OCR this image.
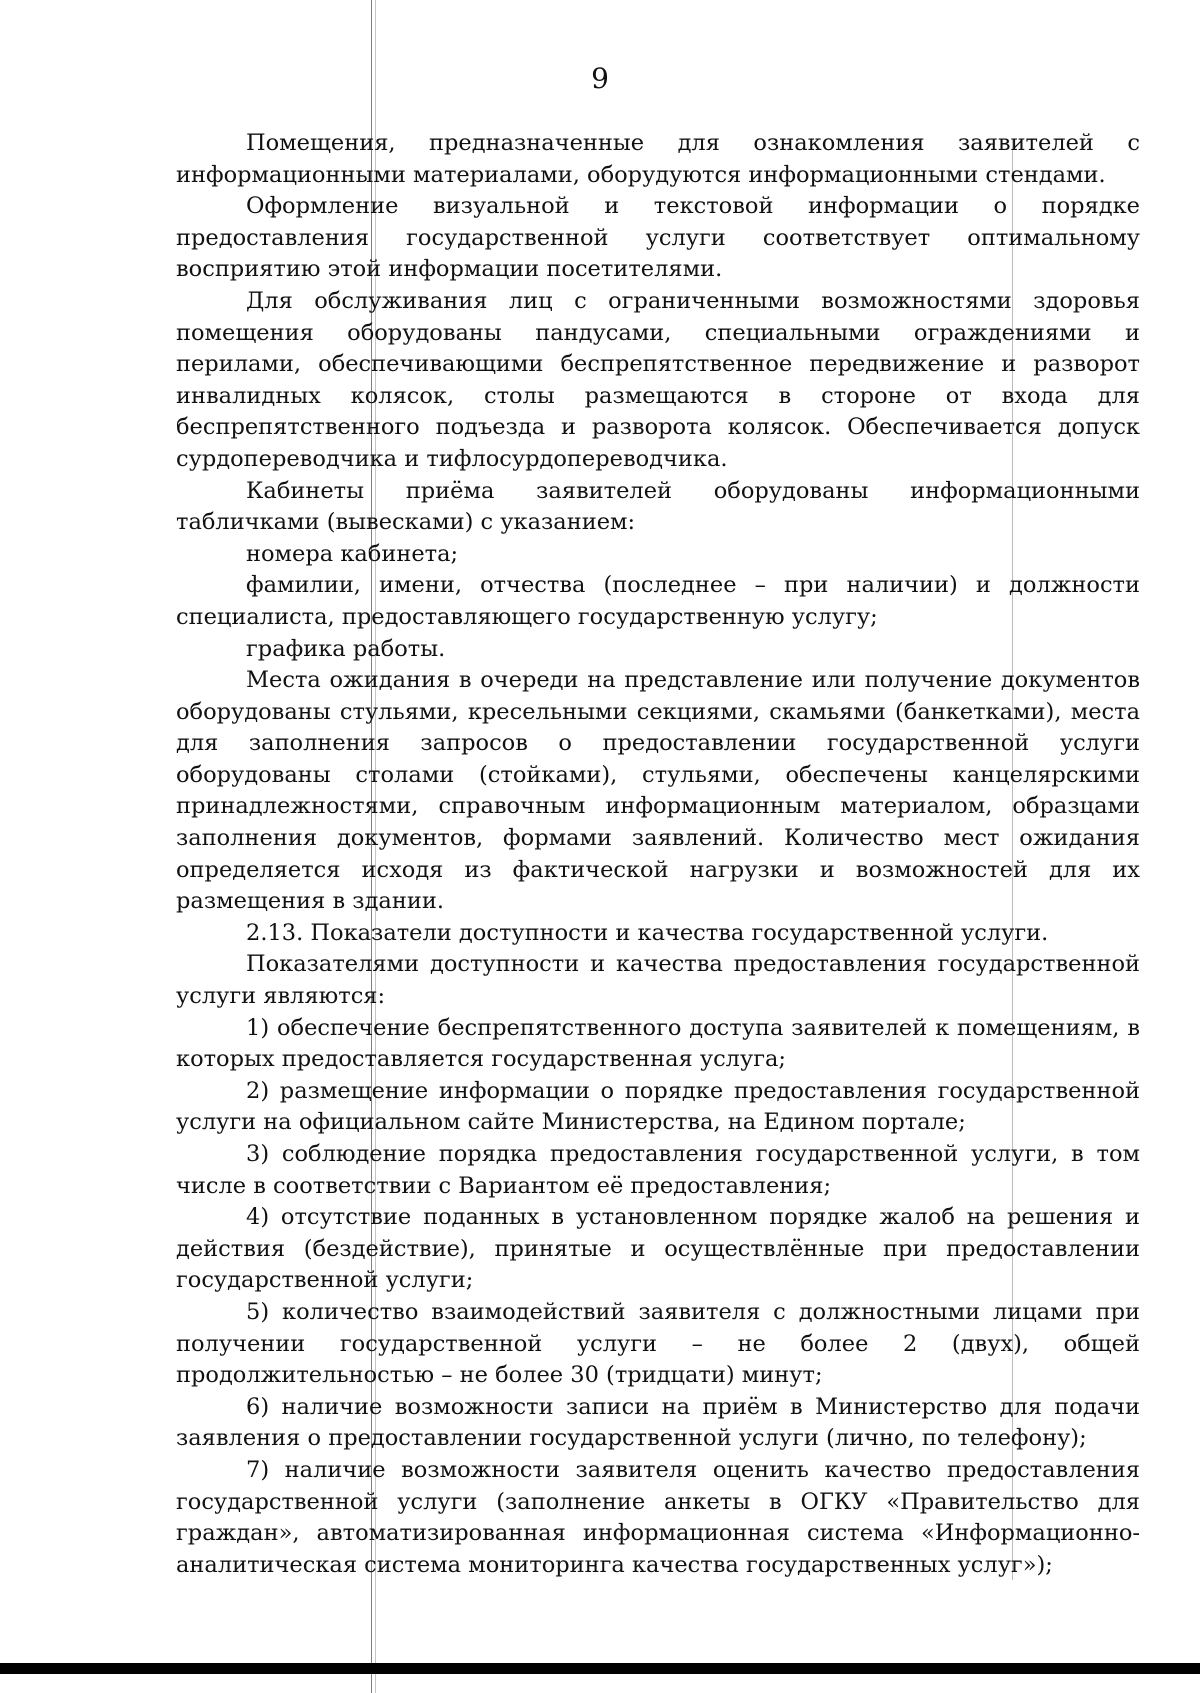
9

Помещения, предназначенные для ознакомления заявителей с информационными материалами, оборудуются информационными стендами.

Оформление визуальной и текстовой информации о порядке предоставления государственной услуги соответствует оптимальному восприятию этой информации посетителями.

Для обслуживания лиц с ограниченными возможностями здоровья помещения оборудованы пандусами, специальными ограждениями и перилами, обеспечивающими беспрепятственное передвижение и разворот инвалидных колясок, столы размещаются в стороне от входа для беспрепятственного подъезда и разворота колясок. Обеспечивается допуск сурдопереводчика и тифлосурдопереводчика.

Кабинеты приёма заявителей оборудованы информационными табличками (вывесками) с указанием:

номера кабинета;

фамилии, имени, отчества (последнее – при наличии) и должности специалиста, предоставляющего государственную услугу;

графика работы.

Места ожидания в очереди на представление или получение документов оборудованы стульями, кресельными секциями, скамьями (банкетками), места для заполнения запросов о предоставлении государственной услуги оборудованы столами (стойками), стульями, обеспечены канцелярскими принадлежностями, справочным информационным материалом, образцами заполнения документов, формами заявлений. Количество мест ожидания определяется исходя из фактической нагрузки и возможностей для их размещения в здании.

2.13. Показатели доступности и качества государственной услуги.

Показателями доступности и качества предоставления государственной услуги являются:

1) обеспечение беспрепятственного доступа заявителей к помещениям, в которых предоставляется государственная услуга;

2) размещение информации о порядке предоставления государственной услуги на официальном сайте Министерства, на Едином портале;

3) соблюдение порядка предоставления государственной услуги, в том числе в соответствии с Вариантом её предоставления;

4) отсутствие поданных в установленном порядке жалоб на решения и действия (бездействие), принятые и осуществлённые при предоставлении государственной услуги;

5) количество взаимодействий заявителя с должностными лицами при получении государственной услуги – не более 2 (двух), общей продолжительностью – не более 30 (тридцати) минут;

6) наличие возможности записи на приём в Министерство для подачи заявления о предоставлении государственной услуги (лично, по телефону);

7) наличие возможности заявителя оценить качество предоставления государственной услуги (заполнение анкеты в ОГКУ «Правительство для граждан», автоматизированная информационная система «Информационно-аналитическая система мониторинга качества государственных услуг»);
